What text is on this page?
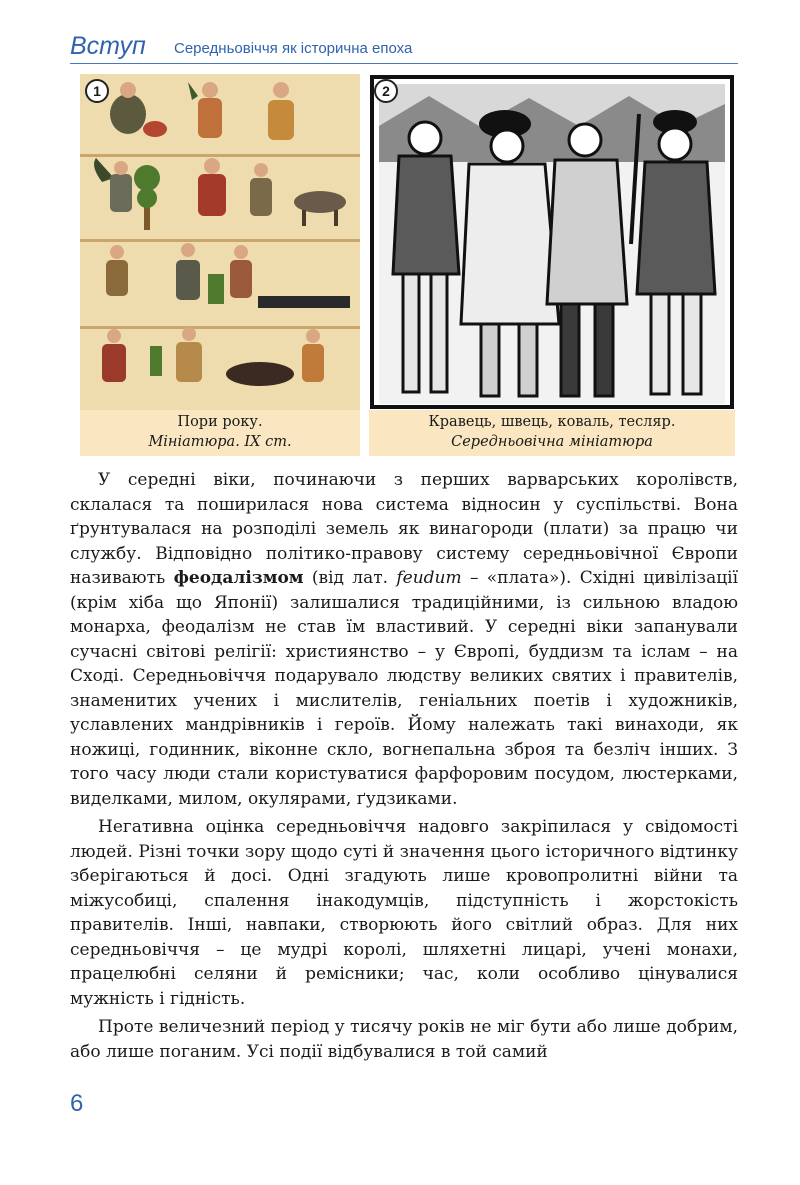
Вступ Середньовіччя як історична епоха
1
Пори року.
Мініатюра. IX ст.
2
Кравець, швець, коваль, тесляр.
Середньовічна мініатюра

У середні віки, починаючи з перших варварських королівств, склалася та поширилася нова система відносин у суспільстві. Вона ґрунтувалася на розподілі земель як винагороди (плати) за працю чи службу. Відповідно політико-правову систему середньовічної Європи називають феодалізмом (від лат. feudum – «плата»). Східні цивілізації (крім хіба що Японії) залишалися традиційними, із сильною владою монарха, феодалізм не став їм властивий. У середні віки запанували сучасні світові релігії: християнство – у Європі, буддизм та іслам – на Сході. Середньовіччя подарувало людству великих святих і правителів, знаменитих учених і мислителів, геніальних поетів і художників, уславлених мандрівників і героїв. Йому належать такі винаходи, як ножиці, годинник, віконне скло, вогнепальна зброя та безліч інших. З того часу люди стали користуватися фарфоровим посудом, люстерками, виделками, милом, окулярами, ґудзиками.

Негативна оцінка середньовіччя надовго закріпилася у свідомості людей. Різні точки зору щодо суті й значення цього історичного відтинку зберігаються й досі. Одні згадують лише кровопролитні війни та міжусобиці, спалення інакодумців, підступність і жорстокість правителів. Інші, навпаки, створюють його світлий образ. Для них середньовіччя – це мудрі королі, шляхетні лицарі, учені монахи, працелюбні селяни й ремісники; час, коли особливо цінувалися мужність і гідність.

Проте величезний період у тисячу років не міг бути або лише добрим, або лише поганим. Усі події відбувалися в той самий

6
